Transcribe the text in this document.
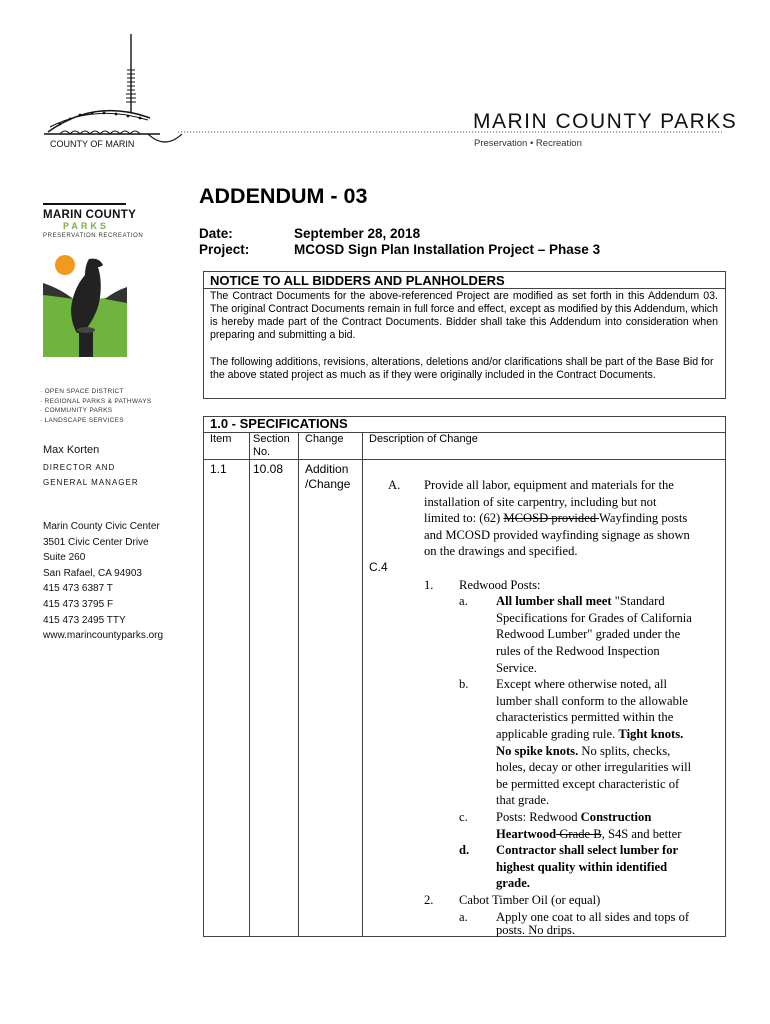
COUNTY OF MARIN
MARIN COUNTY PARKS
Preservation • Recreation
MARIN COUNTY
PARKS
PRESERVATION RECREATION
· OPEN SPACE DISTRICT
· REGIONAL PARKS & PATHWAYS
· COMMUNITY PARKS
· LANDSCAPE SERVICES
Max Korten
DIRECTOR AND
GENERAL MANAGER
Marin County Civic Center
3501 Civic Center Drive
Suite 260
San Rafael, CA 94903
415 473 6387 T
415 473 3795 F
415 473 2495 TTY
www.marincountyparks.org
ADDENDUM - 03
Date:	September 28, 2018
Project:	MCOSD Sign Plan Installation Project – Phase 3
NOTICE TO ALL BIDDERS AND PLANHOLDERS
The Contract Documents for the above-referenced Project are modified as set forth in this Addendum 03. The original Contract Documents remain in full force and effect, except as modified by this Addendum, which is hereby made part of the Contract Documents. Bidder shall take this Addendum into consideration when preparing and submitting a bid.
The following additions, revisions, alterations, deletions and/or clarifications shall be part of the Base Bid for the above stated project as much as if they were originally included in the Contract Documents.
1.0 - SPECIFICATIONS
Item Section No.
Change Description of Change
1.1 10.08 Addition /Change
C.4
A. Provide all labor, equipment and materials for the
installation of site carpentry, including but not
limited to: (62) MCOSD provided Wayfinding posts
and MCOSD provided wayfinding signage as shown
on the drawings and specified.
1. Redwood Posts:
a. All lumber shall meet "Standard
Specifications for Grades of California
Redwood Lumber" graded under the
rules of the Redwood Inspection
Service.
b. Except where otherwise noted, all
lumber shall conform to the allowable
characteristics permitted within the
applicable grading rule. Tight knots.
No spike knots. No splits, checks,
holes, decay or other irregularities will
be permitted except characteristic of
that grade.
c. Posts: Redwood Construction
Heartwood Grade B, S4S and better
d. Contractor shall select lumber for
highest quality within identified
grade.
2. Cabot Timber Oil (or equal)
a. Apply one coat to all sides and tops of
posts. No drips.
